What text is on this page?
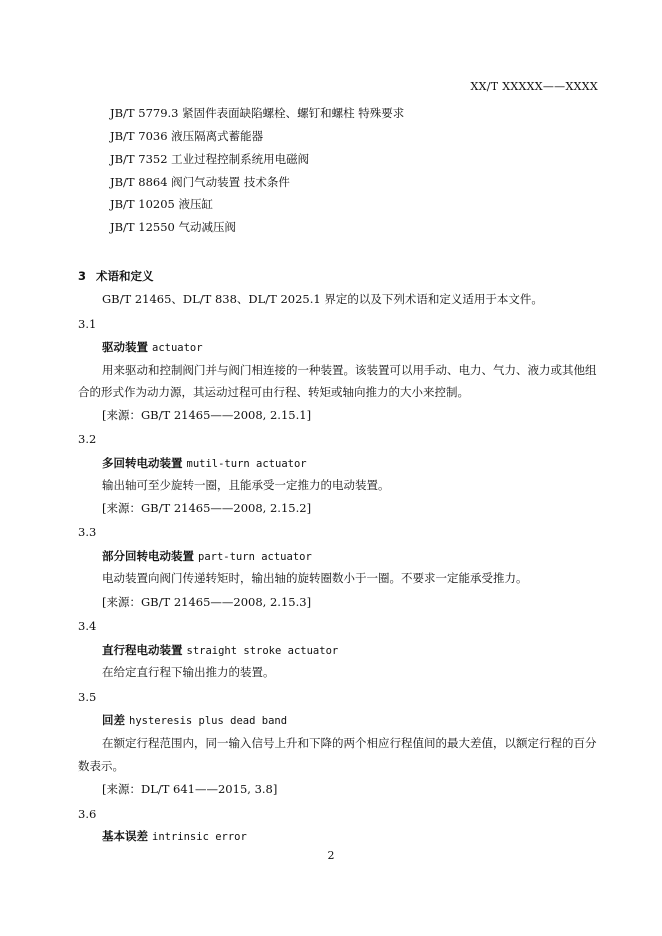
XX/T XXXXX——XXXX
JB/T 5779.3 紧固件表面缺陷螺栓、螺钉和螺柱 特殊要求
JB/T 7036 液压隔离式蓄能器
JB/T 7352 工业过程控制系统用电磁阀
JB/T 8864 阀门气动装置 技术条件
JB/T 10205 液压缸
JB/T 12550 气动减压阀
3 术语和定义
GB/T 21465、DL/T 838、DL/T 2025.1 界定的以及下列术语和定义适用于本文件。
3.1
驱动装置 actuator
用来驱动和控制阀门并与阀门相连接的一种装置。该装置可以用手动、电力、气力、液力或其他组
合的形式作为动力源，其运动过程可由行程、转矩或轴向推力的大小来控制。
[来源：GB/T 21465——2008, 2.15.1]
3.2
多回转电动装置 mutil-turn actuator
输出轴可至少旋转一圈，且能承受一定推力的电动装置。
[来源：GB/T 21465——2008, 2.15.2]
3.3
部分回转电动装置 part-turn actuator
电动装置向阀门传递转矩时，输出轴的旋转圈数小于一圈。不要求一定能承受推力。
[来源：GB/T 21465——2008, 2.15.3]
3.4
直行程电动装置 straight stroke actuator
在给定直行程下输出推力的装置。
3.5
回差 hysteresis plus dead band
在额定行程范围内，同一输入信号上升和下降的两个相应行程值间的最大差值，以额定行程的百分
数表示。
[来源：DL/T 641——2015, 3.8]
3.6
基本误差 intrinsic error
2
